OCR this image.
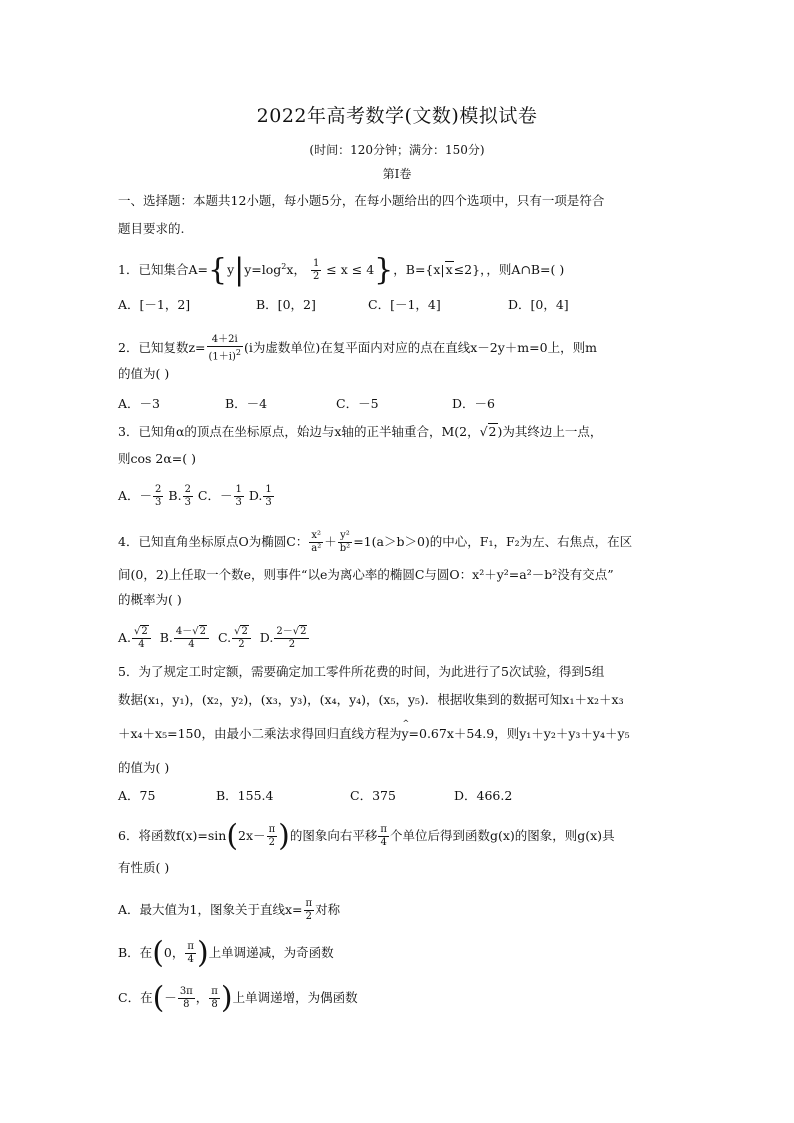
2022年高考数学(文数)模拟试卷
(时间：120分钟；满分：150分)
第Ⅰ卷
一、选择题：本题共12小题，每小题5分，在每小题给出的四个选项中，只有一项是符合
题目要求的.
1．已知集合$A=\{y|y=\log^2x$， $\frac{1}{2} \le x \le 4$}，B={x|x≤2}，，则A∩B=( )
A．[－1，2]	B．[0，2]	C．[－1，4]	D．[0，4]
2．已知复数$z= \frac{4+2i}{(1+i)^2} (i$为虚数单位)在复平面内对应的点在直线x－2y＋m=0上，则m
的值为( )
A．－3	B．－4	C．－5	D．－6
3．已知角α的顶点在坐标原点，始边与x轴的正半轴重合，M(2，√2)为其终边上一点，
则cos 2α=( )
A．－ $\frac{2}{3} B$. $\frac{2}{3}$ C．－ $\frac{1}{3} D$. $\frac{1}{3}$
4．已知直角坐标原点O为椭圆C： $\frac{\text{x²}}{\text{a²}} + \frac{\text{y²}}{\text{b²}} =1(a>b>0)$的中心，F₁，F₂为左、右焦点，在区
间(0，2)上任取一个数e，则事件“以e为离心率的椭圆C与圆O：x²＋y²=a²－b²没有交点”
的概率为( )
A. $\frac{√2}{4} B$. $\frac{4-√2}{4} C$. $\frac{√2}{2} D$. $\frac{2-√2}{2}$
5．为了规定工时定额，需要确定加工零件所花费的时间，为此进行了5次试验，得到5组
数据(x₁，y₁)，(x₂，y₂)，(x₃，y₃)，(x₄，y₄)，(x₅，y₅)．根据收集到的数据可知x₁＋x₂＋x₃
＋x₄＋x₅=150，由最小二乘法求得回归直线方程为^ y=0.67x＋54.9，则y₁＋y₂＋y₃＋y₄＋y₅
的值为( )
A．75	B．155.4	C．375	D．466.2
6．将函数$f(x)=\sin(2x- \frac{\pi}{2}$ )的图象向右平移 $\frac{\pi}{4}$ 个单位后得到函数g(x)的图象，则g(x)具
有性质( )
A．最大值为1，图象关于直线$x= \frac{\pi}{2}$ 对称
B．在(0， $\frac{\pi}{4}$ )上单调递减，为奇函数
C．在(－ $\frac{3\pi}{8}$ ， $\frac{\pi}{8}$ )上单调递增，为偶函数
